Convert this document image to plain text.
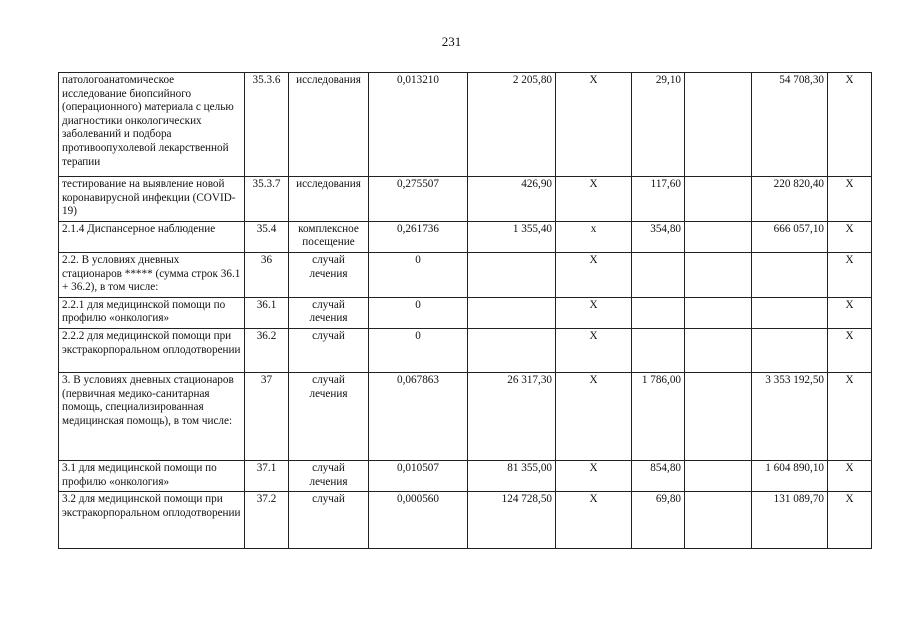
231
патологоанатомическое исследование биопсийного (операционного) материала с целью диагностики онкологических заболеваний и подбора противоопухолевой лекарственной терапии	35.3.6	исследования	0,013210	2 205,80	X	29,10		54 708,30	X
тестирование на выявление новой коронавирусной инфекции (COVID-19)	35.3.7	исследования	0,275507	426,90	X	117,60		220 820,40	X
2.1.4 Диспансерное наблюдение	35.4	комплексное посещение	0,261736	1 355,40	х	354,80		666 057,10	X
2.2. В условиях дневных стационаров ***** (сумма строк 36.1 + 36.2), в том числе:	36	случай лечения	0		X				X
2.2.1 для медицинской помощи по профилю «онкология»	36.1	случай лечения	0		X				X
2.2.2 для медицинской помощи при экстракорпоральном оплодотворении	36.2	случай	0		X				X
3. В условиях дневных стационаров (первичная медико-санитарная помощь, специализированная медицинская помощь), в том числе:	37	случай лечения	0,067863	26 317,30	X	1 786,00		3 353 192,50	X
3.1 для медицинской помощи по профилю «онкология»	37.1	случай лечения	0,010507	81 355,00	X	854,80		1 604 890,10	X
3.2 для медицинской помощи при экстракорпоральном оплодотворении	37.2	случай	0,000560	124 728,50	X	69,80		131 089,70	X
